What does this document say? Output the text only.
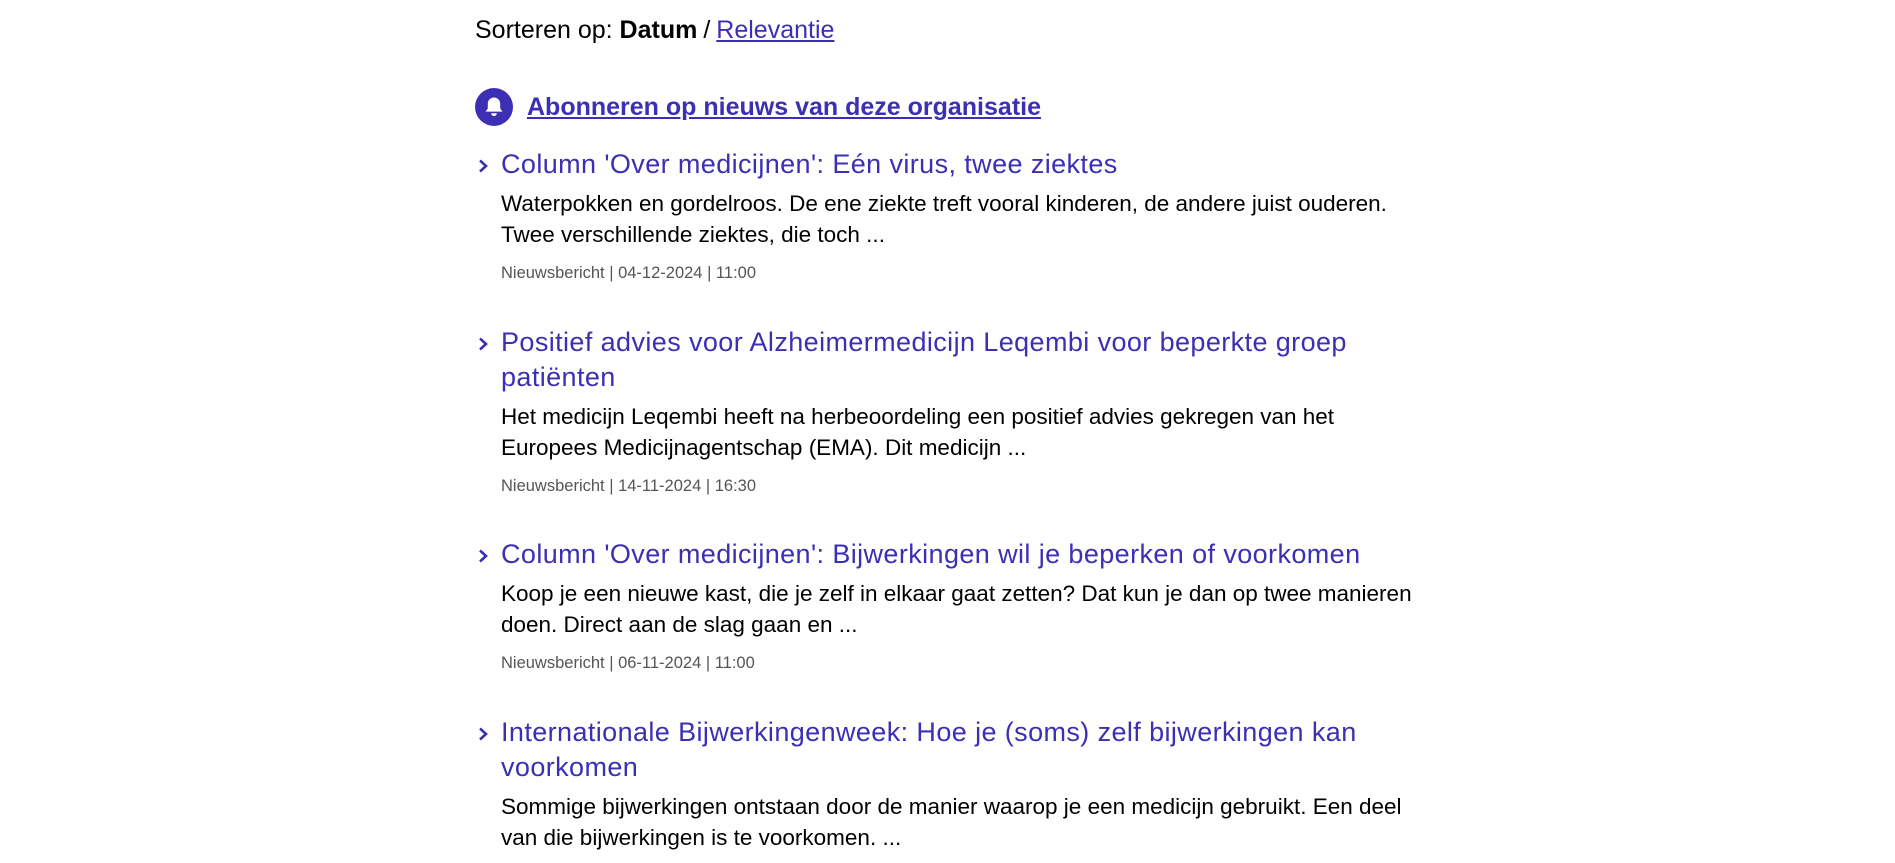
Sorteren op: Datum / Relevantie
Abonneren op nieuws van deze organisatie
Column 'Over medicijnen': Eén virus, twee ziektes

Waterpokken en gordelroos. De ene ziekte treft vooral kinderen, de andere juist ouderen. Twee verschillende ziektes, die toch ...

Nieuwsbericht | 04-12-2024 | 11:00
Positief advies voor Alzheimermedicijn Leqembi voor beperkte groep patiënten

Het medicijn Leqembi heeft na herbeoordeling een positief advies gekregen van het Europees Medicijnagentschap (EMA). Dit medicijn ...

Nieuwsbericht | 14-11-2024 | 16:30
Column 'Over medicijnen': Bijwerkingen wil je beperken of voorkomen

Koop je een nieuwe kast, die je zelf in elkaar gaat zetten? Dat kun je dan op twee manieren doen. Direct aan de slag gaan en ...

Nieuwsbericht | 06-11-2024 | 11:00
Internationale Bijwerkingenweek: Hoe je (soms) zelf bijwerkingen kan voorkomen

Sommige bijwerkingen ontstaan door de manier waarop je een medicijn gebruikt. Een deel van die bijwerkingen is te voorkomen. ...
